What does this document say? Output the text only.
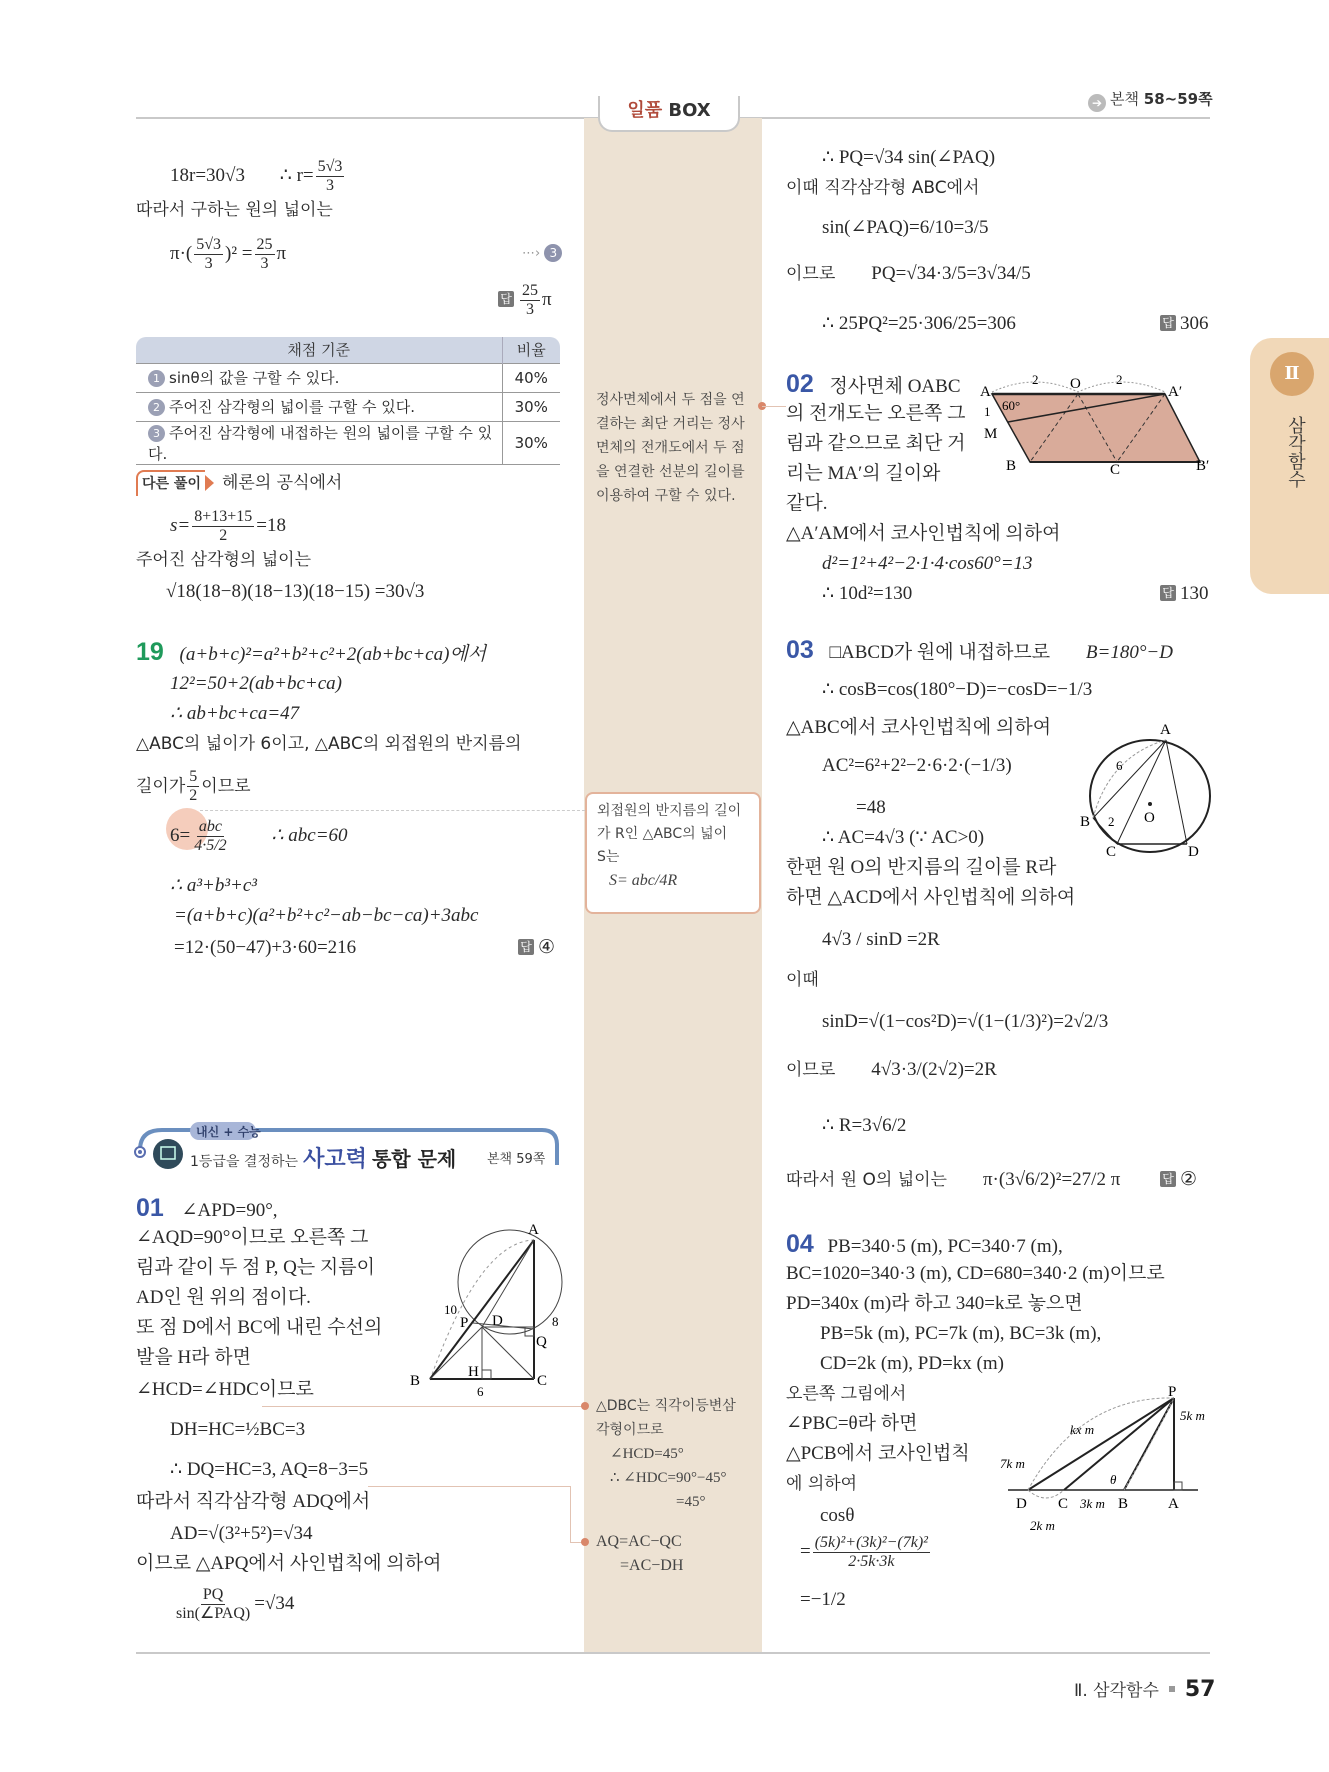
➔ 본책 58~59쪽
일품 BOX
Ⅱ
삼각함수
18r=30√3 ∴ $r= \frac{5√3}{3}$
따라서 구하는 원의 넓이는
$\pi\cdot( \frac{5√3}{3} )^2 = \frac{25}{3}$ π	⋯› 3
답 $\frac{25}{3}$ π
채점 기준	비율
1 sinθ의 값을 구할 수 있다.	40%
2 주어진 삼각형의 넓이를 구할 수 있다.	30%
3 주어진 삼각형에 내접하는 원의 넓이를 구할 수 있다.	30%
다른 풀이 헤론의 공식에서
$s= \frac{8+13+15}{2} =18$
주어진 삼각형의 넓이는
√18(18−8)(18−13)(18−15) =30√3
19 (a+b+c)²=a²+b²+c²+2(ab+bc+ca)에서
12²=50+2(ab+bc+ca)
∴ ab+bc+ca=47
△ABC의 넓이가 6이고, △ABC의 외접원의 반지름의
길이가 $\frac{5}{2}$ 이므로
$6= \frac{\text{abc}}{4\cdot 5/2}$ ∴ abc=60
∴ a³+b³+c³
=(a+b+c)(a²+b²+c²−ab−bc−ca)+3abc
=12·(50−47)+3·60=216	답 ④
내신 + 수능
1등급을 결정하는 사고력 통합 문제 본책 59쪽
01 ∠APD=90°,
∠AQD=90°이므로 오른쪽 그
림과 같이 두 점 P, Q는 지름이
AD인 원 위의 점이다.
또 점 D에서 BC에 내린 수선의
발을 H라 하면
∠HCD=∠HDC이므로
DH=HC=½BC=3
∴ DQ=HC=3, AQ=8−3=5
따라서 직각삼각형 ADQ에서
AD=√(3²+5²)=√34
이므로 △APQ에서 사인법칙에 의하여
$\frac{PQ}{\text{sin(∠PAQ)}} =√34$
A
B	C
D
P
Q
H
10
8
6
정사면체에서 두 점을 연결하는 최단 거리는 정사면체의 전개도에서 두 점을 연결한 선분의 길이를 이용하여 구할 수 있다.
외접원의 반지름의 길이
가 R인 △ABC의 넓이
S는
S= abc/4R
△DBC는 직각이등변삼
각형이므로
∠HCD=45°
∴ ∠HDC=90°−45°
=45°
AQ=AC−QC
=AC−DH
∴ PQ=√34 sin(∠PAQ)
이때 직각삼각형 ABC에서
sin(∠PAQ)=6/10=3/5
이므로 PQ=√34·3/5=3√34/5
∴ 25PQ²=25·306/25=306	답 306
02 정사면체 OABC
의 전개도는 오른쪽 그
림과 같으므로 최단 거
리는 MA′의 길이와
같다.
△A′AM에서 코사인법칙에 의하여
d²=1²+4²−2·1·4·cos60°=13
∴ 10d²=130	답 130
A	O	A′
2	2
60°
1
M
B	C	B′
03 □ABCD가 원에 내접하므로 B=180°−D
∴ cosB=cos(180°−D)=−cosD=−1/3
△ABC에서 코사인법칙에 의하여
AC²=6²+2²−2·6·2·(−1/3)
=48
∴ AC=4√3 (∵ AC>0)
한편 원 O의 반지름의 길이를 R라
하면 △ACD에서 사인법칙에 의하여
4√3 / sinD =2R
이때
sinD=√(1−cos²D)=√(1−(1/3)²)=2√2/3
이므로 4√3·3/(2√2)=2R
∴ R=3√6/2
따라서 원 O의 넓이는 π·(3√6/2)²=27/2 π	답 ②
A
B
C	D
O
6
2
04 PB=340·5 (m), PC=340·7 (m),
BC=1020=340·3 (m), CD=680=340·2 (m)이므로
PD=340x (m)라 하고 340=k로 놓으면
PB=5k (m), PC=7k (m), BC=3k (m),
CD=2k (m), PD=kx (m)
오른쪽 그림에서
∠PBC=θ라 하면
△PCB에서 코사인법칙
에 의하여
cosθ
= $\frac{\text{(5k)²+(3k)²−(7k)²}}{2\cdot 5k\cdot 3k}$
=−1/2
P
D C	B	A
kx m
7k m
5k m
3k m
2k m
θ
Ⅱ. 삼각함수 57
